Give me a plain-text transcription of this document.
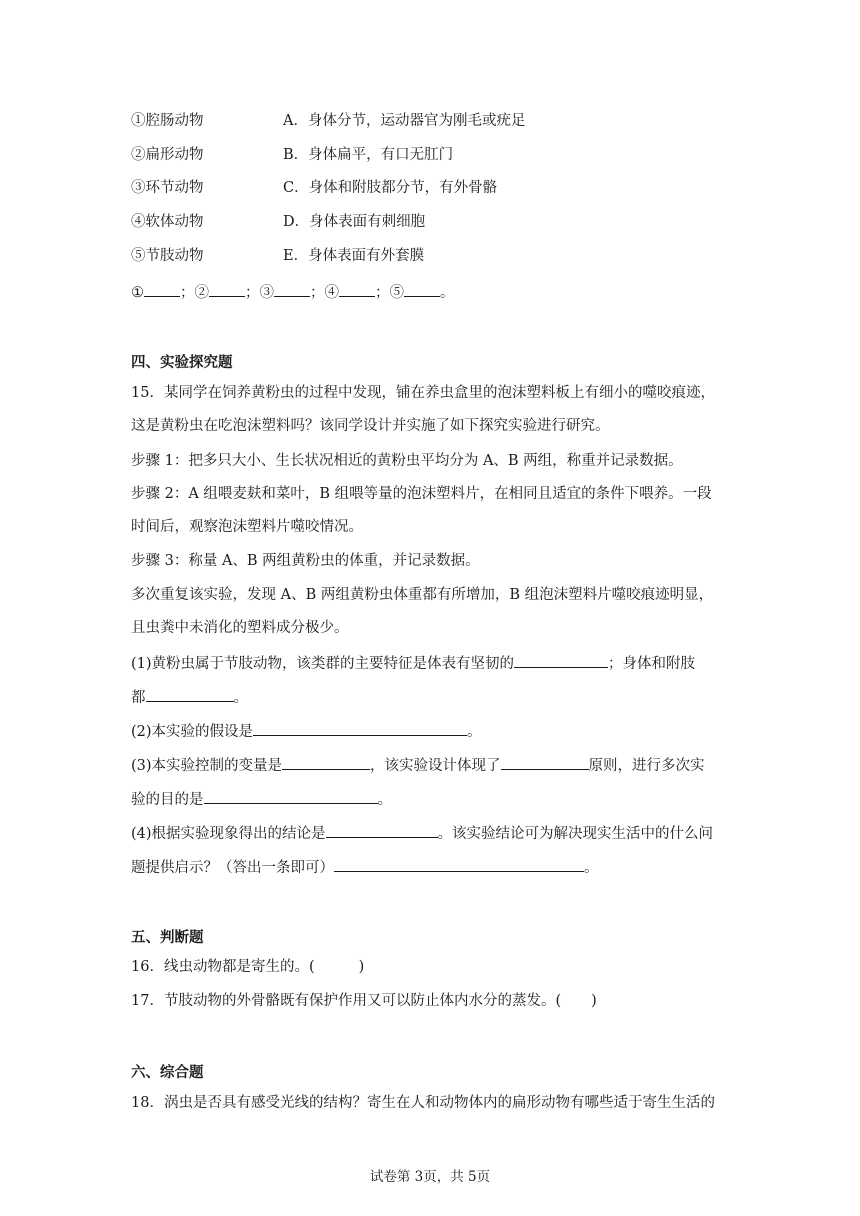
①腔肠动物	A．身体分节，运动器官为刚毛或疣足
②扁形动物	B．身体扁平，有口无肛门
③环节动物	C．身体和附肢都分节，有外骨骼
④软体动物	D．身体表面有刺细胞
⑤节肢动物	E．身体表面有外套膜
① ；② ；③ ；④ ；⑤ 。
四、实验探究题
15．某同学在饲养黄粉虫的过程中发现，铺在养虫盒里的泡沫塑料板上有细小的噬咬痕迹，
这是黄粉虫在吃泡沫塑料吗？该同学设计并实施了如下探究实验进行研究。
步骤 1：把多只大小、生长状况相近的黄粉虫平均分为 A、B 两组，称重并记录数据。
步骤 2：A 组喂麦麸和菜叶，B 组喂等量的泡沫塑料片，在相同且适宜的条件下喂养。一段
时间后，观察泡沫塑料片噬咬情况。
步骤 3：称量 A、B 两组黄粉虫的体重，并记录数据。
多次重复该实验，发现 A、B 两组黄粉虫体重都有所增加，B 组泡沫塑料片噬咬痕迹明显，
且虫粪中未消化的塑料成分极少。
(1)黄粉虫属于节肢动物，该类群的主要特征是体表有坚韧的	；身体和附肢
都	。
(2)本实验的假设是	。
(3)本实验控制的变量是	，该实验设计体现了	原则，进行多次实
验的目的是	。
(4)根据实验现象得出的结论是	。该实验结论可为解决现实生活中的什么问
题提供启示？（答出一条即可）	。
五、判断题
16．线虫动物都是寄生的。(	)
17．节肢动物的外骨骼既有保护作用又可以防止体内水分的蒸发。( )
六、综合题
18．涡虫是否具有感受光线的结构？寄生在人和动物体内的扁形动物有哪些适于寄生生活的
试卷第 3页，共 5页
